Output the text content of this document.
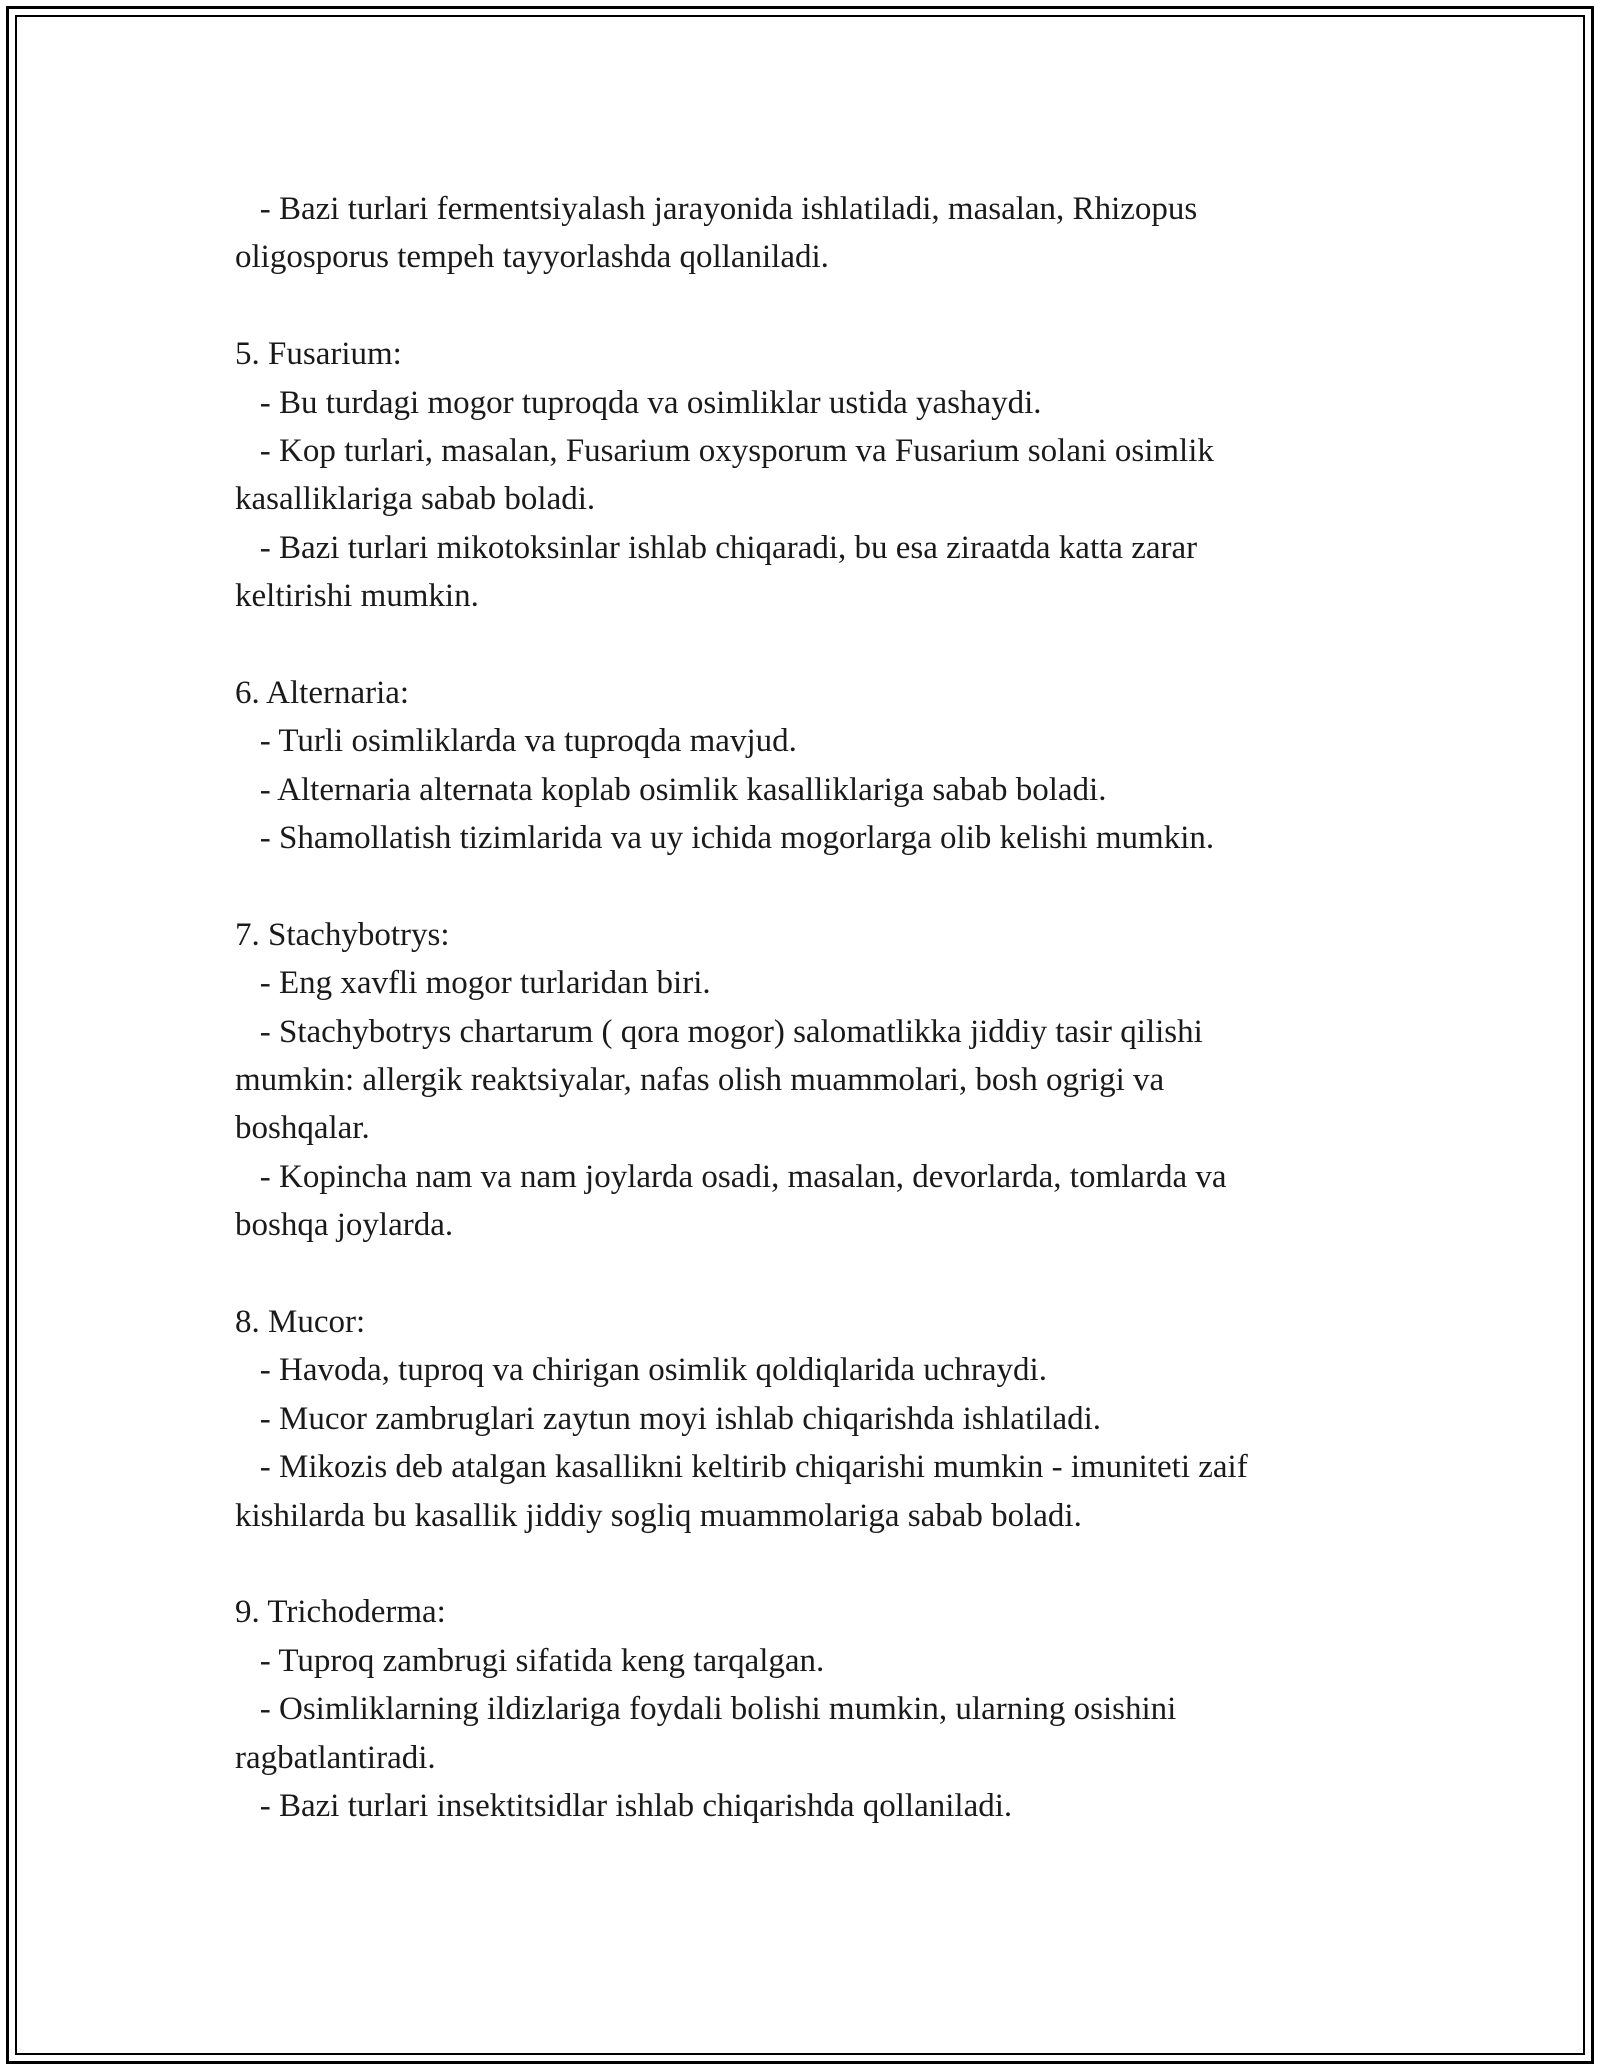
- Bazi turlari fermentsiyalash jarayonida ishlatiladi, masalan, Rhizopus
oligosporus tempeh tayyorlashda qollaniladi.
5. Fusarium:
- Bu turdagi mogor tuproqda va osimliklar ustida yashaydi.
- Kop turlari, masalan, Fusarium oxysporum va Fusarium solani osimlik
kasalliklariga sabab boladi.
- Bazi turlari mikotoksinlar ishlab chiqaradi, bu esa ziraatda katta zarar
keltirishi mumkin.
6. Alternaria:
- Turli osimliklarda va tuproqda mavjud.
- Alternaria alternata koplab osimlik kasalliklariga sabab boladi.
- Shamollatish tizimlarida va uy ichida mogorlarga olib kelishi mumkin.
7. Stachybotrys:
- Eng xavfli mogor turlaridan biri.
- Stachybotrys chartarum ( qora mogor) salomatlikka jiddiy tasir qilishi
mumkin: allergik reaktsiyalar, nafas olish muammolari, bosh ogrigi va
boshqalar.
- Kopincha nam va nam joylarda osadi, masalan, devorlarda, tomlarda va
boshqa joylarda.
8. Mucor:
- Havoda, tuproq va chirigan osimlik qoldiqlarida uchraydi.
- Mucor zambruglari zaytun moyi ishlab chiqarishda ishlatiladi.
- Mikozis deb atalgan kasallikni keltirib chiqarishi mumkin - imuniteti zaif
kishilarda bu kasallik jiddiy sogliq muammolariga sabab boladi.
9. Trichoderma:
- Tuproq zambrugi sifatida keng tarqalgan.
- Osimliklarning ildizlariga foydali bolishi mumkin, ularning osishini
ragbatlantiradi.
- Bazi turlari insektitsidlar ishlab chiqarishda qollaniladi.
